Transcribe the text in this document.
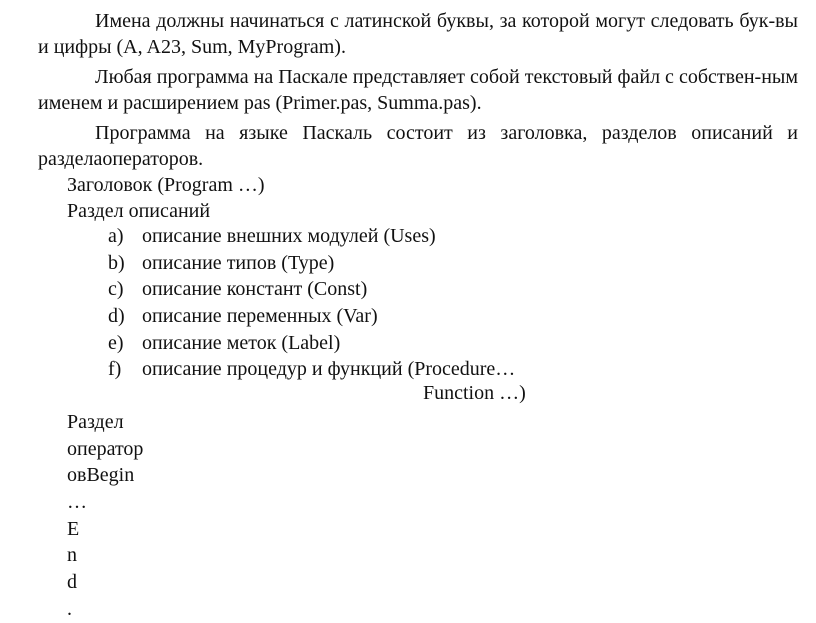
Имена должны начинаться с латинской буквы, за которой могут следовать бук-вы и цифры (A, A23, Sum, MyProgram).

Любая программа на Паскале представляет собой текстовый файл с собствен-ным именем и расширением pas (Primer.pas, Summa.pas).

Программа на языке Паскаль состоит из заголовка, разделов описаний и разделаоператоров.

Заголовок (Program …)

Раздел описаний

a) описание внешних модулей (Uses)
b) описание типов (Type)
c) описание констант (Const)
d) описание переменных (Var)
e) описание меток (Label)
f)	описание процедур и функций (Procedure…
Function …)
Раздел
оператор
овBegin
…
E
n
d
.
